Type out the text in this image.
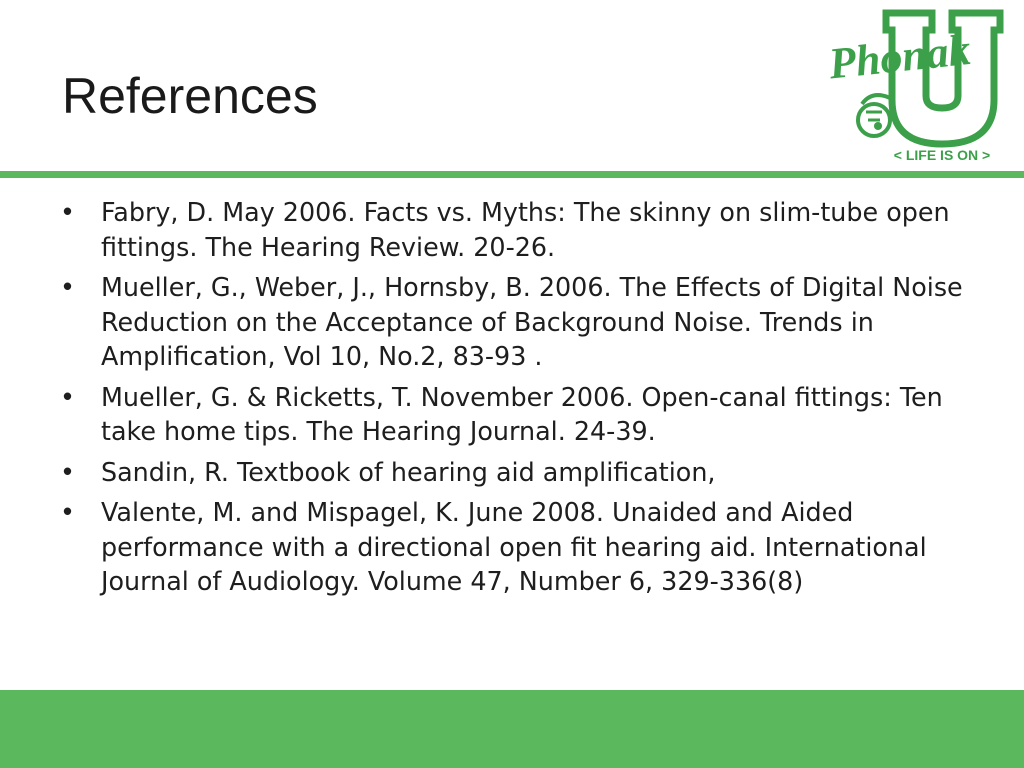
References
Phonak
< LIFE IS ON >
• Fabry, D. May 2006. Facts vs. Myths: The skinny on slim-tube open fittings. The Hearing Review. 20-26.
• Mueller, G., Weber, J., Hornsby, B. 2006. The Effects of Digital Noise Reduction on the Acceptance of Background Noise. Trends in Amplification, Vol 10, No.2, 83-93 .
• Mueller, G. & Ricketts, T. November 2006. Open-canal fittings: Ten take home tips. The Hearing Journal. 24-39.
• Sandin, R. Textbook of hearing aid amplification,
• Valente, M. and Mispagel, K. June 2008. Unaided and Aided performance with a directional open fit hearing aid. International Journal of Audiology. Volume 47, Number 6, 329-336(8)
